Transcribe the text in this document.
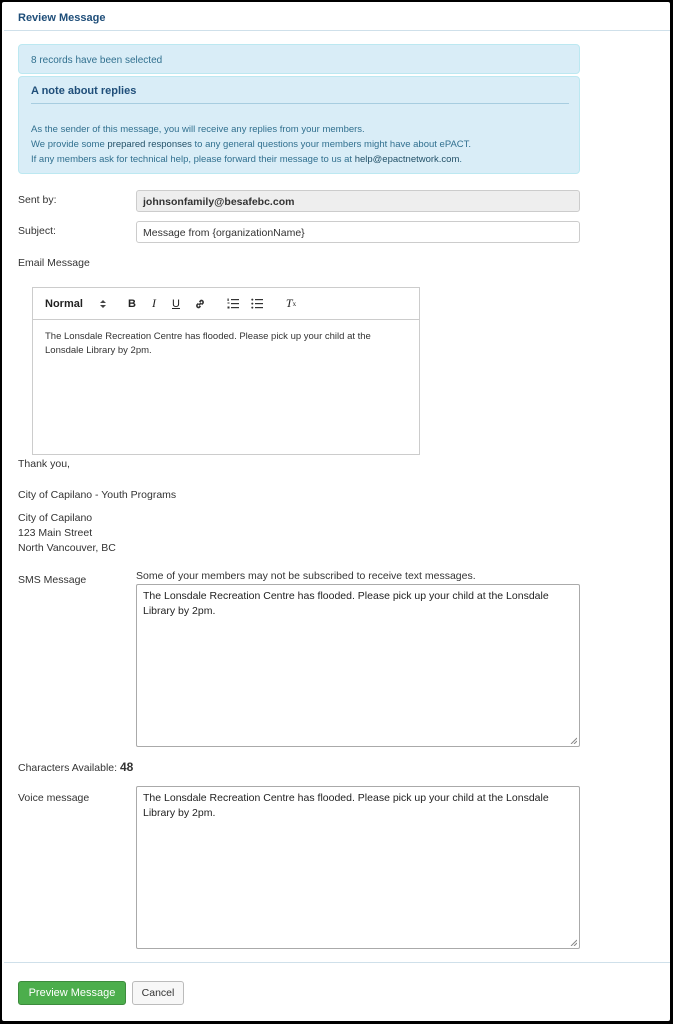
Review Message
8 records have been selected
A note about replies

As the sender of this message, you will receive any replies from your members.

We provide some prepared responses to any general questions your members might have about ePACT.

If any members ask for technical help, please forward their message to us at help@epactnetwork.com.

Sent by:	johnsonfamily@besafebc.com
Subject:	Message from {organizationName}
Email Message
Normal	B	I	U	T x
The Lonsdale Recreation Centre has flooded. Please pick up your child at the Lonsdale Library by 2pm.
Thank you,
City of Capilano - Youth Programs
City of Capilano
123 Main Street
North Vancouver, BC
SMS Message	Some of your members may not be subscribed to receive text messages.
The Lonsdale Recreation Centre has flooded. Please pick up your child at the Lonsdale Library by 2pm.
Characters Available: 48
Voice message	The Lonsdale Recreation Centre has flooded. Please pick up your child at the Lonsdale Library by 2pm.
Preview Message	Cancel
